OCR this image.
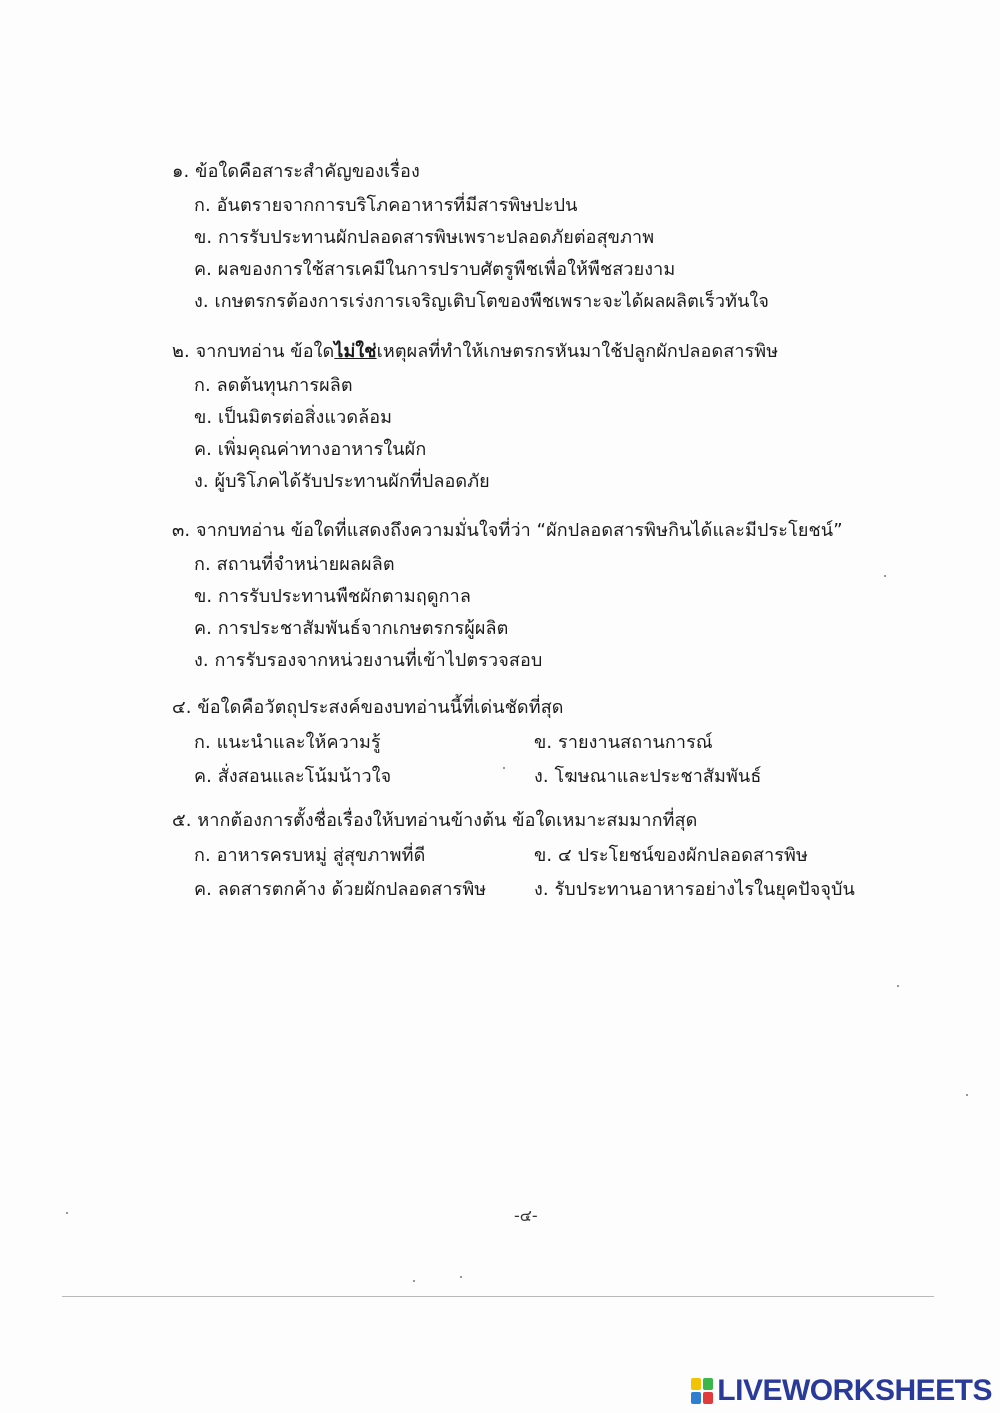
๑. ข้อใดคือสาระสำคัญของเรื่อง
ก. อันตรายจากการบริโภคอาหารที่มีสารพิษปะปน
ข. การรับประทานผักปลอดสารพิษเพราะปลอดภัยต่อสุขภาพ
ค. ผลของการใช้สารเคมีในการปราบศัตรูพืชเพื่อให้พืชสวยงาม
ง. เกษตรกรต้องการเร่งการเจริญเติบโตของพืชเพราะจะได้ผลผลิตเร็วทันใจ
๒. จากบทอ่าน ข้อใดไม่ใช่เหตุผลที่ทำให้เกษตรกรหันมาใช้ปลูกผักปลอดสารพิษ
ก. ลดต้นทุนการผลิต
ข. เป็นมิตรต่อสิ่งแวดล้อม
ค. เพิ่มคุณค่าทางอาหารในผัก
ง. ผู้บริโภคได้รับประทานผักที่ปลอดภัย
๓. จากบทอ่าน ข้อใดที่แสดงถึงความมั่นใจที่ว่า “ผักปลอดสารพิษกินได้และมีประโยชน์”
ก. สถานที่จำหน่ายผลผลิต
ข. การรับประทานพืชผักตามฤดูกาล
ค. การประชาสัมพันธ์จากเกษตรกรผู้ผลิต
ง. การรับรองจากหน่วยงานที่เข้าไปตรวจสอบ
๔. ข้อใดคือวัตถุประสงค์ของบทอ่านนี้ที่เด่นชัดที่สุด
ก. แนะนำและให้ความรู้	ข. รายงานสถานการณ์
ค. สั่งสอนและโน้มน้าวใจ	ง. โฆษณาและประชาสัมพันธ์
๕. หากต้องการตั้งชื่อเรื่องให้บทอ่านข้างต้น ข้อใดเหมาะสมมากที่สุด
ก. อาหารครบหมู่ สู่สุขภาพที่ดี	ข. ๔ ประโยชน์ของผักปลอดสารพิษ
ค. ลดสารตกค้าง ด้วยผักปลอดสารพิษ	ง. รับประทานอาหารอย่างไรในยุคปัจจุบัน
-๔-
LIVEWORKSHEETS
